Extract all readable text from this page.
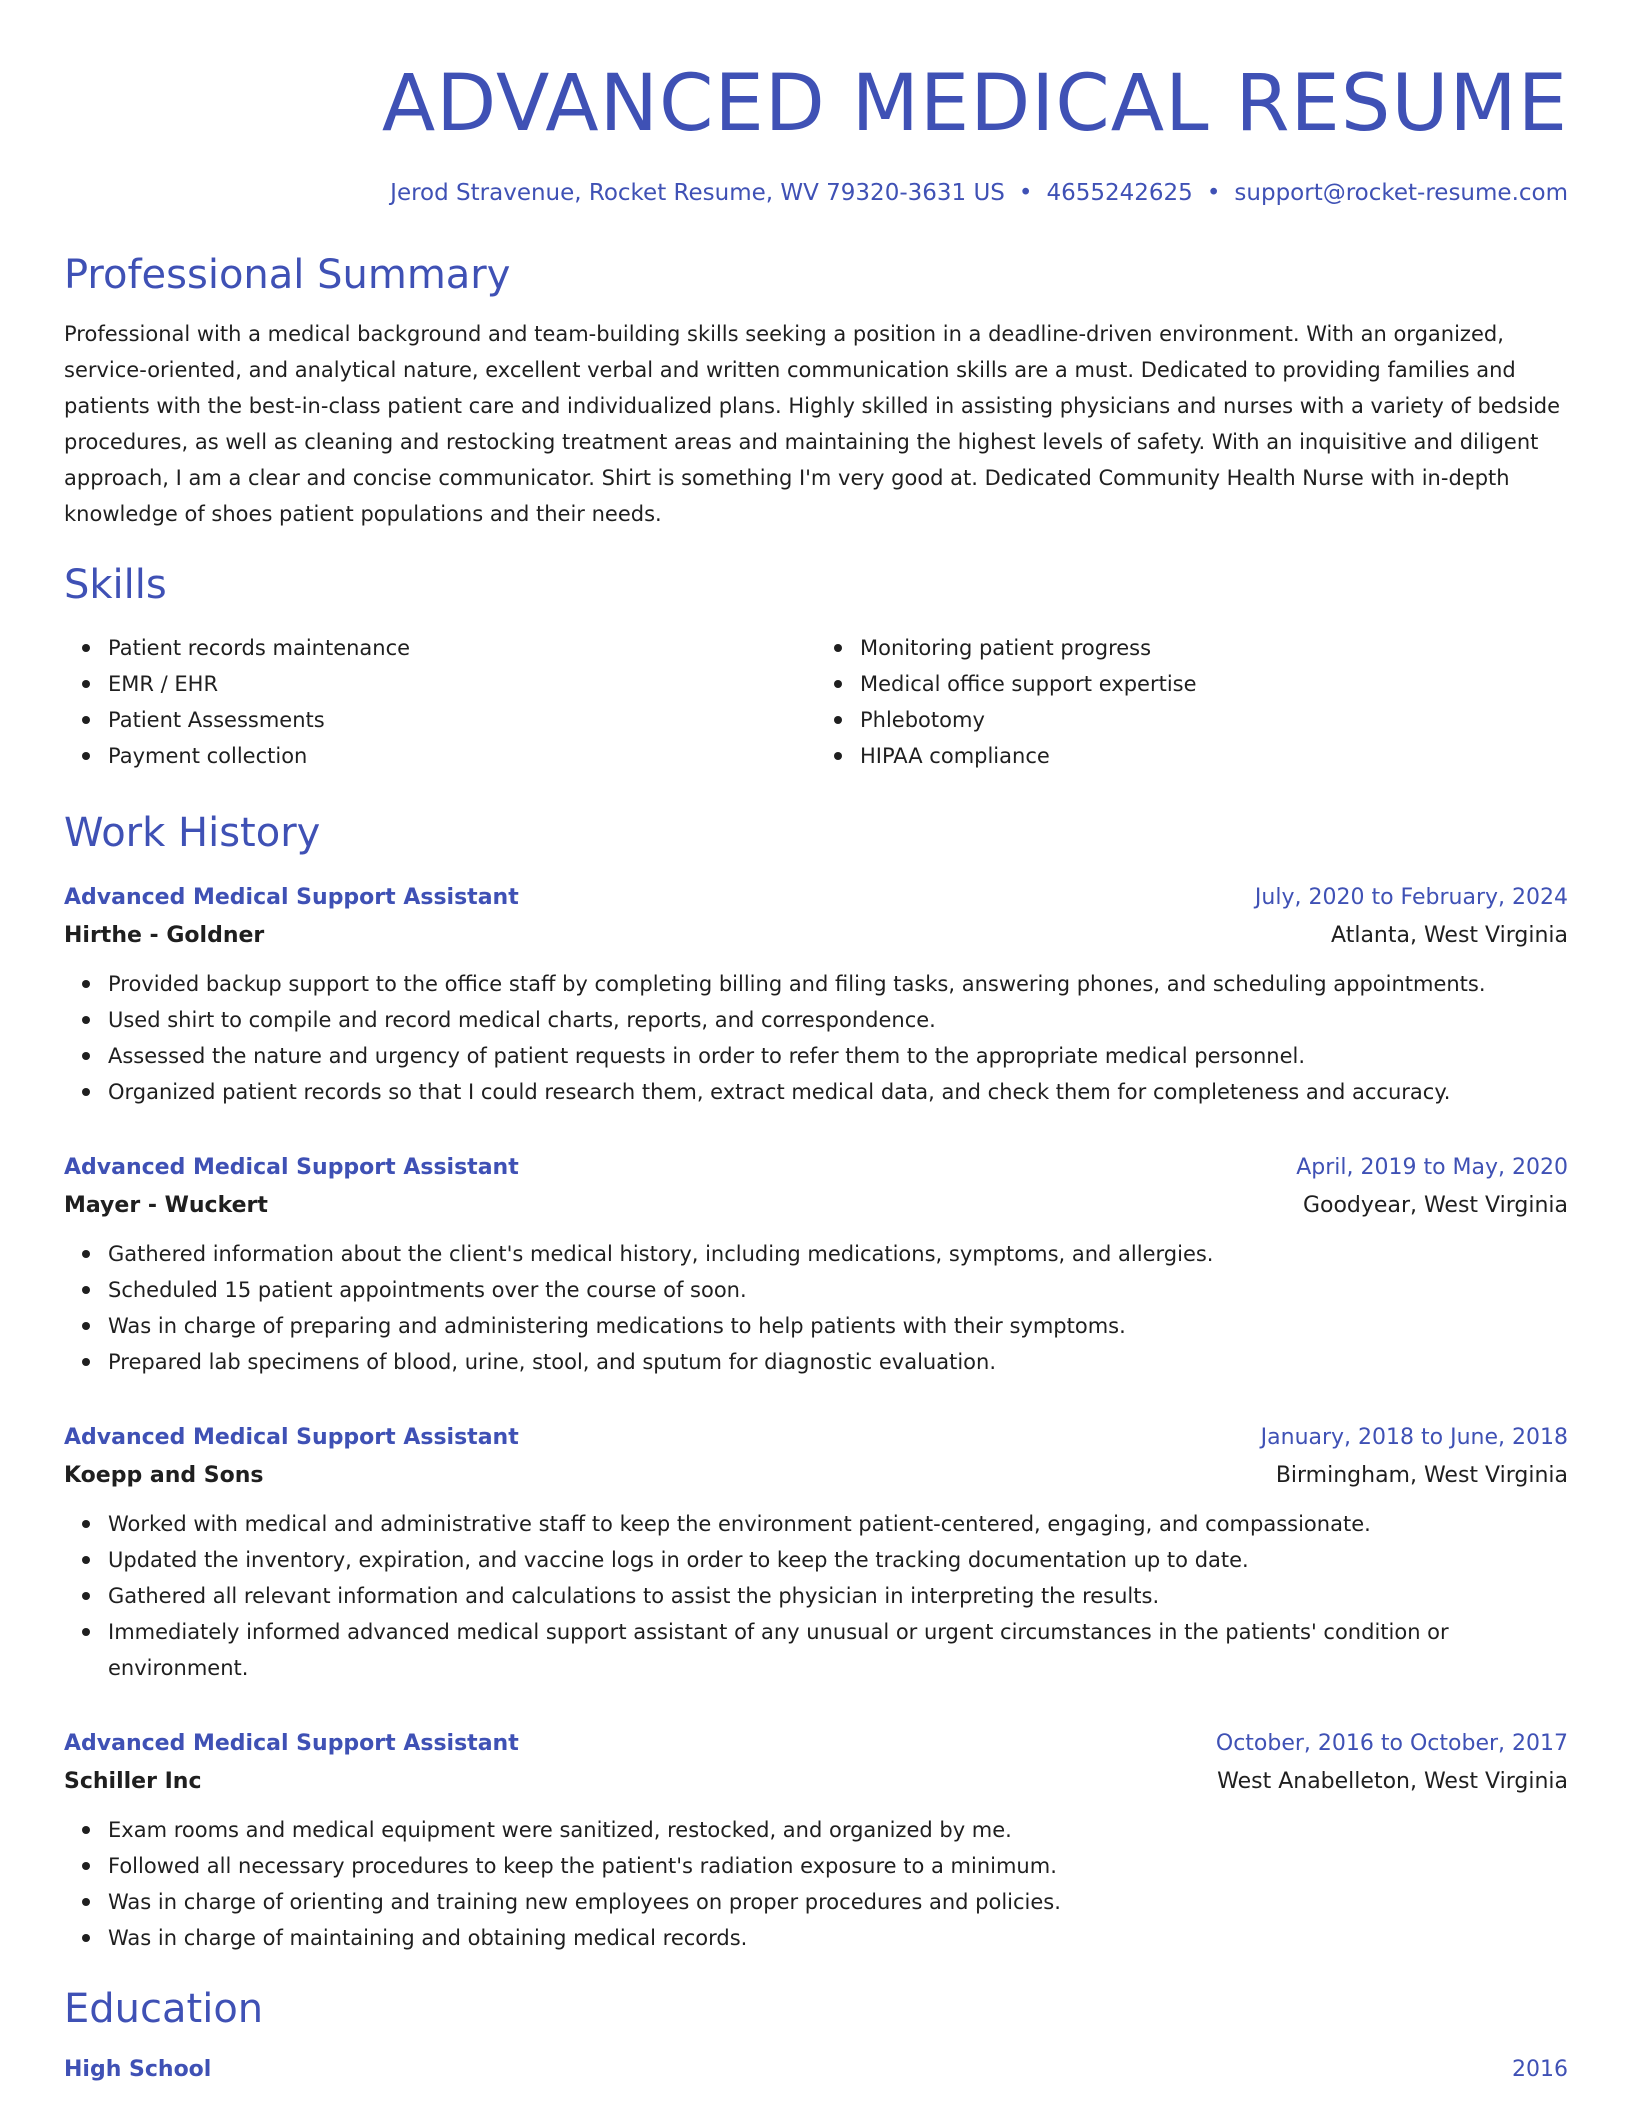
ADVANCED MEDICAL RESUME
Jerod Stravenue, Rocket Resume, WV 79320-3631 US • 4655242625 • support@rocket-resume.com
Professional Summary

Professional with a medical background and team-building skills seeking a position in a deadline-driven environment. With an organized, service-oriented, and analytical nature, excellent verbal and written communication skills are a must. Dedicated to providing families and patients with the best-in-class patient care and individualized plans. Highly skilled in assisting physicians and nurses with a variety of bedside procedures, as well as cleaning and restocking treatment areas and maintaining the highest levels of safety. With an inquisitive and diligent approach, I am a clear and concise communicator. Shirt is something I'm very good at. Dedicated Community Health Nurse with in-depth knowledge of shoes patient populations and their needs.

Skills
Patient records maintenance
EMR / EHR
Patient Assessments
Payment collection
Monitoring patient progress
Medical office support expertise
Phlebotomy
HIPAA compliance
Work History
Advanced Medical Support Assistant	July, 2020 to February, 2024
Hirthe - Goldner	Atlanta, West Virginia
Provided backup support to the office staff by completing billing and filing tasks, answering phones, and scheduling appointments.
Used shirt to compile and record medical charts, reports, and correspondence.
Assessed the nature and urgency of patient requests in order to refer them to the appropriate medical personnel.
Organized patient records so that I could research them, extract medical data, and check them for completeness and accuracy.
Advanced Medical Support Assistant	April, 2019 to May, 2020
Mayer - Wuckert	Goodyear, West Virginia
Gathered information about the client's medical history, including medications, symptoms, and allergies.
Scheduled 15 patient appointments over the course of soon.
Was in charge of preparing and administering medications to help patients with their symptoms.
Prepared lab specimens of blood, urine, stool, and sputum for diagnostic evaluation.
Advanced Medical Support Assistant	January, 2018 to June, 2018
Koepp and Sons	Birmingham, West Virginia
Worked with medical and administrative staff to keep the environment patient-centered, engaging, and compassionate.
Updated the inventory, expiration, and vaccine logs in order to keep the tracking documentation up to date.
Gathered all relevant information and calculations to assist the physician in interpreting the results.
Immediately informed advanced medical support assistant of any unusual or urgent circumstances in the patients' condition or environment.
Advanced Medical Support Assistant	October, 2016 to October, 2017
Schiller Inc	West Anabelleton, West Virginia
Exam rooms and medical equipment were sanitized, restocked, and organized by me.
Followed all necessary procedures to keep the patient's radiation exposure to a minimum.
Was in charge of orienting and training new employees on proper procedures and policies.
Was in charge of maintaining and obtaining medical records.
Education
High School	2016
